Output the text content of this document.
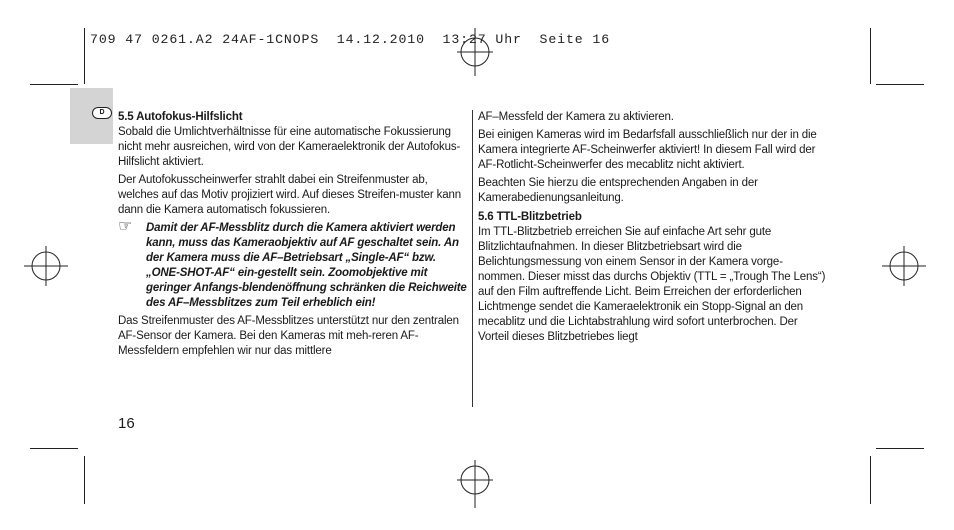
709 47 0261.A2 24AF-1CNOPS  14.12.2010  13:27 Uhr  Seite 16
D	5.5 Autofokus-Hilfslicht

Sobald die Umlichtverhältnisse für eine automatische Fokussierung nicht mehr ausreichen, wird von der Kameraelektronik der Autofokus-Hilfslicht aktiviert.

Der Autofokusscheinwerfer strahlt dabei ein Streifenmuster ab, welches auf das Motiv projiziert wird. Auf dieses Streifen-muster kann dann die Kamera automatisch fokussieren.

☞ Damit der AF-Messblitz durch die Kamera aktiviert werden kann, muss das Kameraobjektiv auf AF geschaltet sein. An der Kamera muss die AF–Betriebsart „Single-AF“ bzw. „ONE-SHOT-AF“ ein-gestellt sein. Zoomobjektive mit geringer Anfangs-blendenöffnung schränken die Reichweite des AF–Messblitzes zum Teil erheblich ein!

Das Streifenmuster des AF-Messblitzes unterstützt nur den zentralen AF-Sensor der Kamera. Bei den Kameras mit meh-reren AF-Messfeldern empfehlen wir nur das mittlere

AF–Messfeld der Kamera zu aktivieren.

Bei einigen Kameras wird im Bedarfsfall ausschließlich nur der in die Kamera integrierte AF-Scheinwerfer aktiviert! In diesem Fall wird der AF-Rotlicht-Scheinwerfer des mecablitz nicht aktiviert.

Beachten Sie hierzu die entsprechenden Angaben in der Kamerabedienungsanleitung.

5.6 TTL-Blitzbetrieb

Im TTL-Blitzbetrieb erreichen Sie auf einfache Art sehr gute Blitzlichtaufnahmen. In dieser Blitzbetriebsart wird die Belichtungsmessung von einem Sensor in der Kamera vorge-nommen. Dieser misst das durchs Objektiv (TTL = „Trough The Lens“) auf den Film auftreffende Licht. Beim Erreichen der erforderlichen Lichtmenge sendet die Kameraelektronik ein Stopp-Signal an den mecablitz und die Lichtabstrahlung wird sofort unterbrochen. Der Vorteil dieses Blitzbetriebes liegt

16
